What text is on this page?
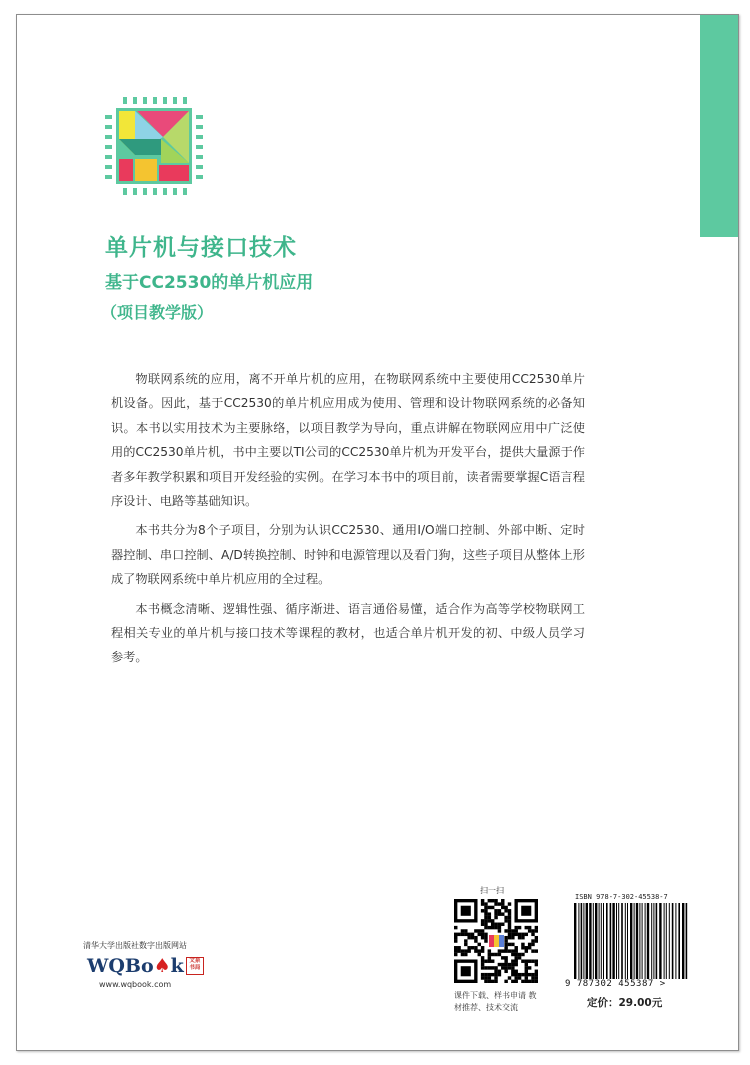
单片机与接口技术
基于CC2530的单片机应用
（项目教学版）

物联网系统的应用，离不开单片机的应用，在物联网系统中主要使用CC2530单片机设备。因此，基于CC2530的单片机应用成为使用、管理和设计物联网系统的必备知识。本书以实用技术为主要脉络，以项目教学为导向，重点讲解在物联网应用中广泛使用的CC2530单片机，书中主要以TI公司的CC2530单片机为开发平台，提供大量源于作者多年教学积累和项目开发经验的实例。在学习本书中的项目前，读者需要掌握C语言程序设计、电路等基础知识。

本书共分为8个子项目，分别为认识CC2530、通用I/O端口控制、外部中断、定时器控制、串口控制、A/D转换控制、时钟和电源管理以及看门狗，这些子项目从整体上形成了物联网系统中单片机应用的全过程。

本书概念清晰、逻辑性强、循序渐进、语言通俗易懂，适合作为高等学校物联网工程相关专业的单片机与接口技术等课程的教材，也适合单片机开发的初、中级人员学习参考。

清华大学出版社数字出版网站
WQBo♠k 文泉
书局
www.wqbook.com
扫一扫
课件下载、样书申请 教材推荐、技术交流
ISBN 978-7-302-45538-7
9 787302 455387 >
定价：29.00元
